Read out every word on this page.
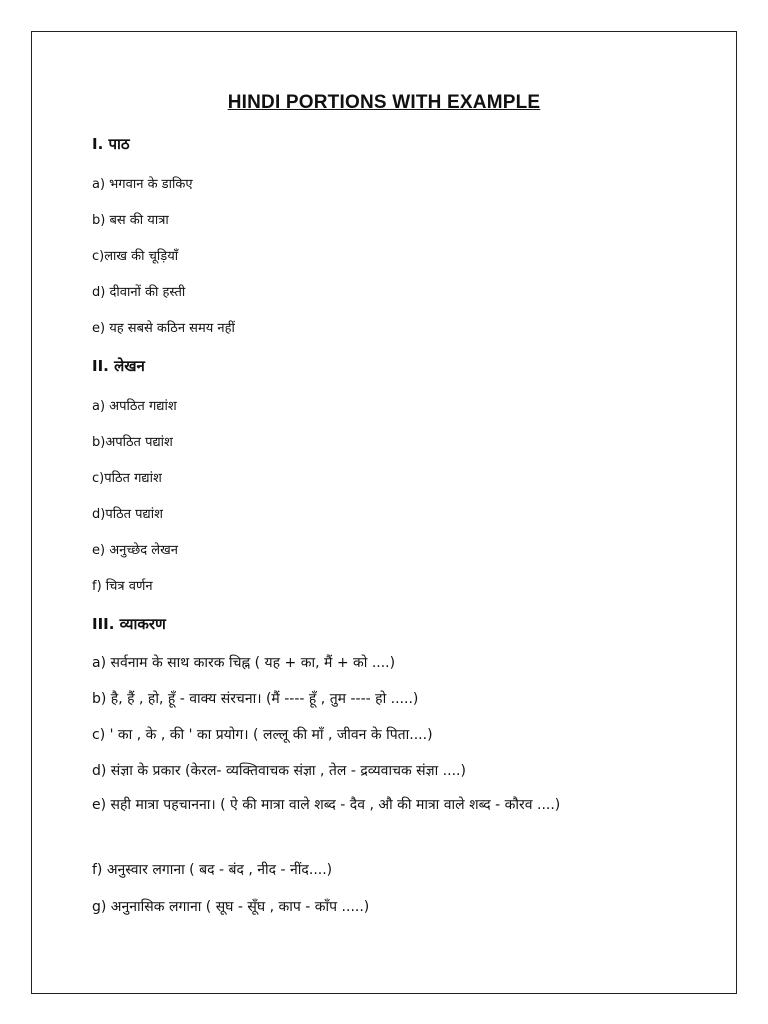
HINDI PORTIONS WITH EXAMPLE
I. पाठ
a) भगवान के डाकिए
b) बस की यात्रा
c)लाख की चूड़ियाँ
d) दीवानों की हस्ती
e) यह सबसे कठिन समय नहीं
II. लेखन
a) अपठित गद्यांश
b)अपठित पद्यांश
c)पठित गद्यांश
d)पठित पद्यांश
e) अनुच्छेद लेखन
f) चित्र वर्णन
III. व्याकरण
a) सर्वनाम के साथ कारक चिह्न ( यह + का, मैं + को ....)
b) है, हैं , हो, हूँ - वाक्य संरचना। (मैं ---- हूँ , तुम ---- हो .....)
c) ' का , के , की ' का प्रयोग। ( लल्लू की माँ , जीवन के पिता....)
d) संज्ञा के प्रकार (केरल- व्यक्तिवाचक संज्ञा , तेल - द्रव्यवाचक संज्ञा ....)
e) सही मात्रा पहचानना। ( ऐ की मात्रा वाले शब्द - दैव , औ की मात्रा वाले शब्द - कौरव ....)
f) अनुस्वार लगाना ( बद - बंद , नीद - नींद....)
g) अनुनासिक लगाना ( सूघ - सूँघ , काप - काँप .....)
